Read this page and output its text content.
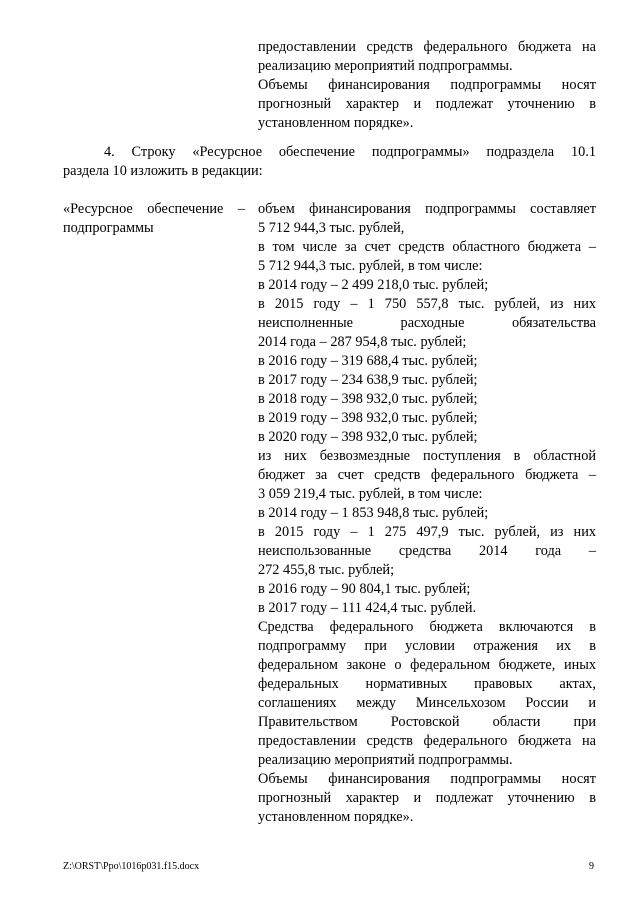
предоставлении средств федерального бюджета на
реализацию мероприятий подпрограммы.
Объемы финансирования подпрограммы носят
прогнозный характер и подлежат уточнению в
установленном порядке».
4. Строку «Ресурсное обеспечение подпрограммы» подраздела 10.1
раздела 10 изложить в редакции:
«Ресурсное обеспечение –
подпрограммы
объем финансирования подпрограммы составляет
5 712 944,3 тыс. рублей,
в том числе за счет средств областного бюджета –
5 712 944,3 тыс. рублей, в том числе:
в 2014 году – 2 499 218,0 тыс. рублей;
в 2015 году – 1 750 557,8 тыс. рублей, из них
неисполненные расходные обязательства
2014 года – 287 954,8 тыс. рублей;
в 2016 году – 319 688,4 тыс. рублей;
в 2017 году – 234 638,9 тыс. рублей;
в 2018 году – 398 932,0 тыс. рублей;
в 2019 году – 398 932,0 тыс. рублей;
в 2020 году – 398 932,0 тыс. рублей;
из них безвозмездные поступления в областной
бюджет за счет средств федерального бюджета –
3 059 219,4 тыс. рублей, в том числе:
в 2014 году – 1 853 948,8 тыс. рублей;
в 2015 году – 1 275 497,9 тыс. рублей, из них
неиспользованные средства 2014 года –
272 455,8 тыс. рублей;
в 2016 году – 90 804,1 тыс. рублей;
в 2017 году – 111 424,4 тыс. рублей.
Средства федерального бюджета включаются в
подпрограмму при условии отражения их в
федеральном законе о федеральном бюджете, иных
федеральных нормативных правовых актах,
соглашениях между Минсельхозом России и
Правительством Ростовской области при
предоставлении средств федерального бюджета на
реализацию мероприятий подпрограммы.
Объемы финансирования подпрограммы носят
прогнозный характер и подлежат уточнению в
установленном порядке».
Z:\ORST\Ppo\1016p031.f15.docx	9
